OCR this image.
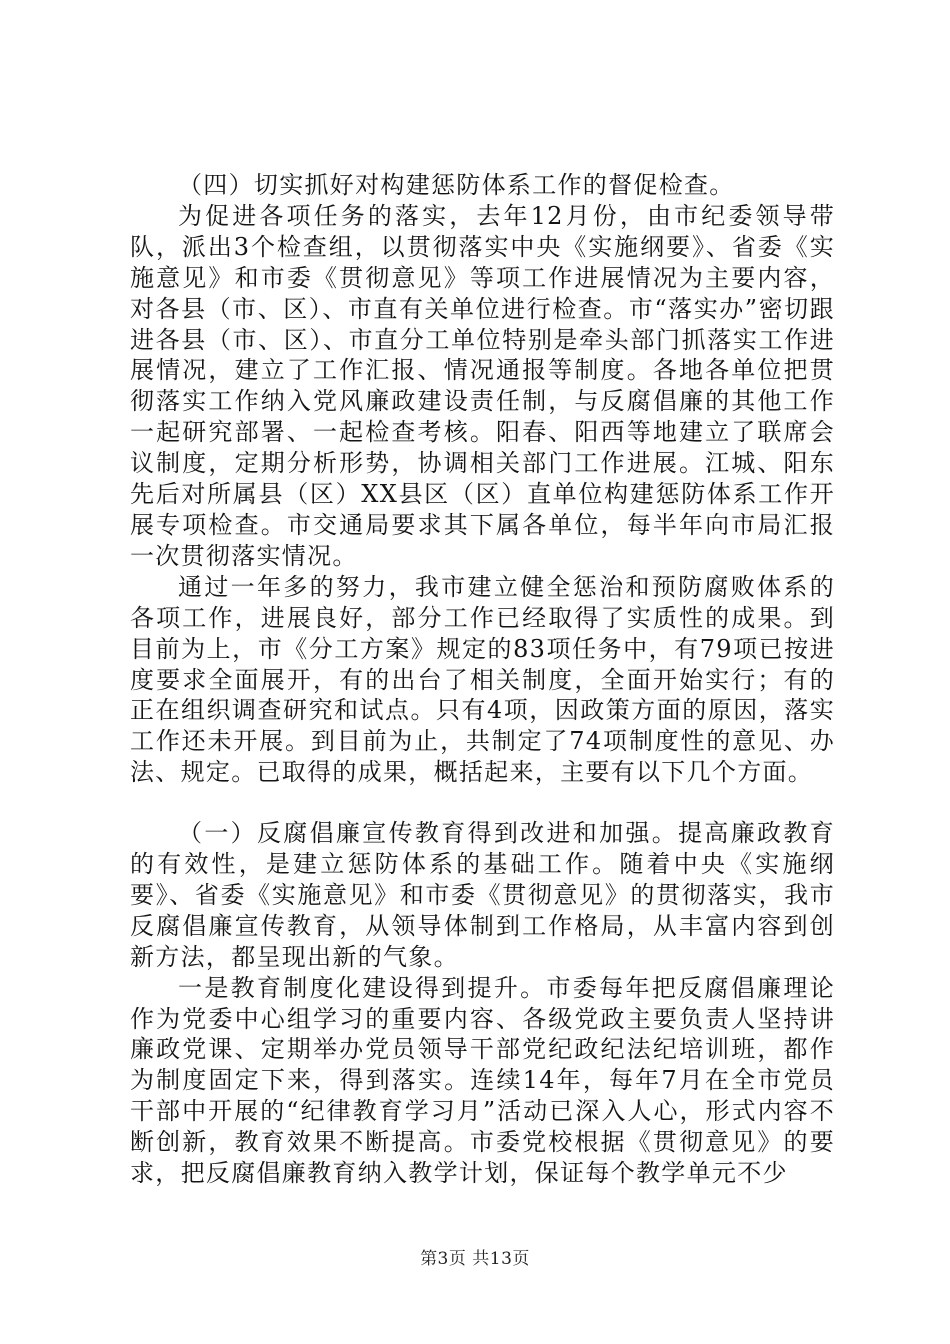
（四）切实抓好对构建惩防体系工作的督促检查。

为促进各项任务的落实，去年12月份，由市纪委领导带队，派出3个检查组，以贯彻落实中央《实施纲要》、省委《实施意见》和市委《贯彻意见》等项工作进展情况为主要内容，对各县（市、区）、市直有关单位进行检查。市“落实办”密切跟进各县（市、区）、市直分工单位特别是牵头部门抓落实工作进展情况，建立了工作汇报、情况通报等制度。各地各单位把贯彻落实工作纳入党风廉政建设责任制，与反腐倡廉的其他工作一起研究部署、一起检查考核。阳春、阳西等地建立了联席会议制度，定期分析形势，协调相关部门工作进展。江城、阳东先后对所属县（区）XX县区（区）直单位构建惩防体系工作开展专项检查。市交通局要求其下属各单位，每半年向市局汇报一次贯彻落实情况。

通过一年多的努力，我市建立健全惩治和预防腐败体系的各项工作，进展良好，部分工作已经取得了实质性的成果。到目前为上，市《分工方案》规定的83项任务中，有79项已按进度要求全面展开，有的出台了相关制度，全面开始实行；有的正在组织调查研究和试点。只有4项，因政策方面的原因，落实工作还未开展。到目前为止，共制定了74项制度性的意见、办法、规定。已取得的成果，概括起来，主要有以下几个方面。

（一）反腐倡廉宣传教育得到改进和加强。提高廉政教育的有效性，是建立惩防体系的基础工作。随着中央《实施纲要》、省委《实施意见》和市委《贯彻意见》的贯彻落实，我市反腐倡廉宣传教育，从领导体制到工作格局，从丰富内容到创新方法，都呈现出新的气象。

一是教育制度化建设得到提升。市委每年把反腐倡廉理论作为党委中心组学习的重要内容、各级党政主要负责人坚持讲廉政党课、定期举办党员领导干部党纪政纪法纪培训班，都作为制度固定下来，得到落实。连续14年，每年7月在全市党员干部中开展的“纪律教育学习月”活动已深入人心，形式内容不断创新，教育效果不断提高。市委党校根据《贯彻意见》的要求，把反腐倡廉教育纳入教学计划，保证每个教学单元不少

第3页 共13页
